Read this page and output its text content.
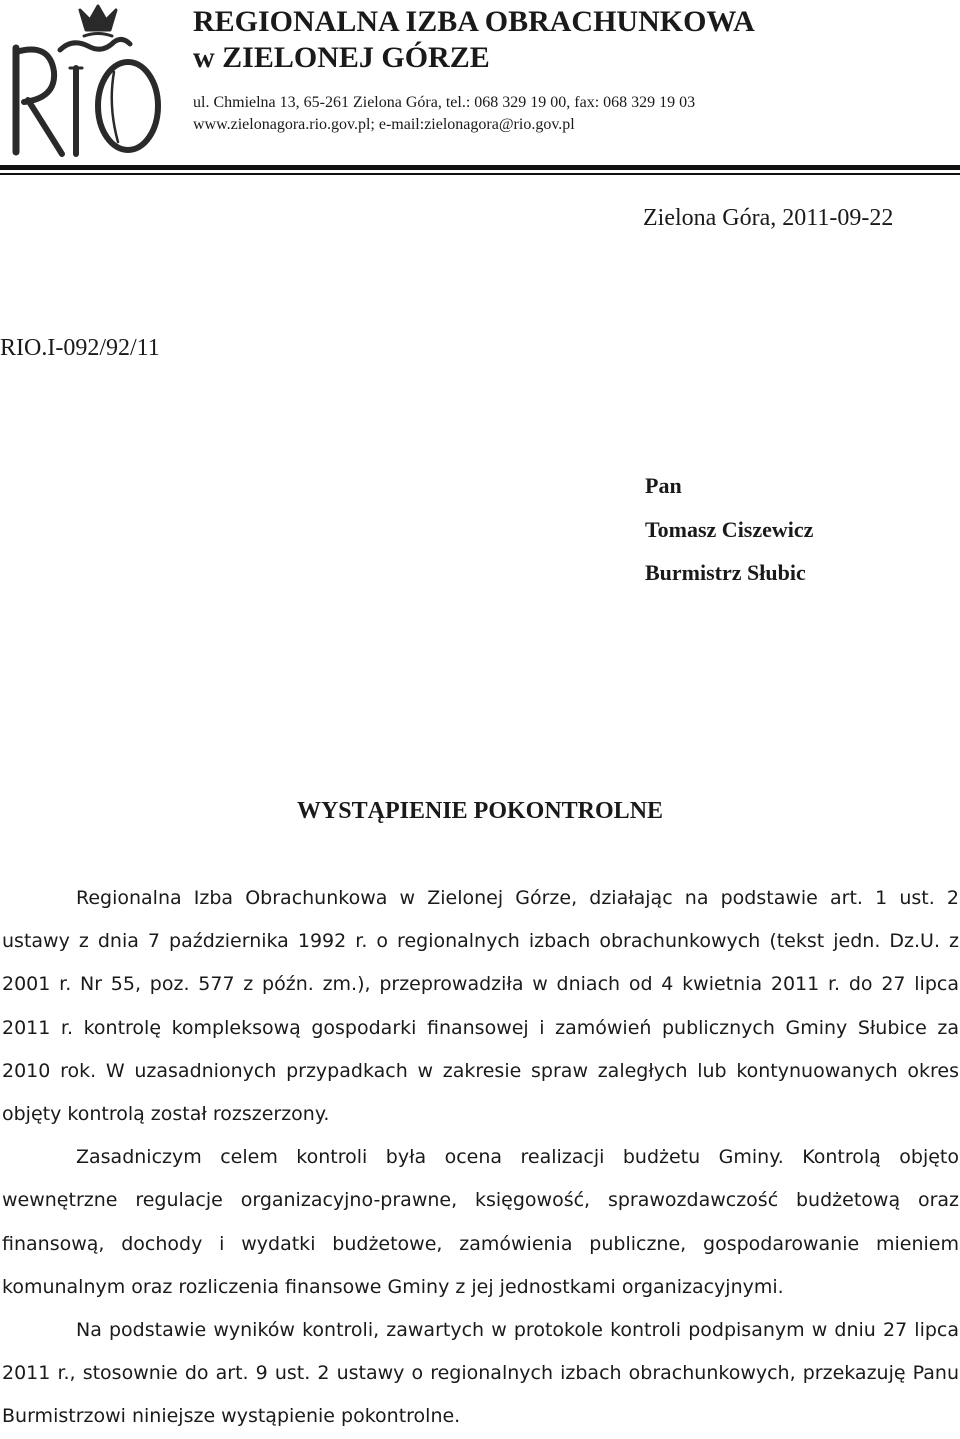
REGIONALNA IZBA OBRACHUNKOWA
w ZIELONEJ GÓRZE
ul. Chmielna 13, 65-261 Zielona Góra, tel.: 068 329 19 00, fax: 068 329 19 03
www.zielonagora.rio.gov.pl; e-mail:zielonagora@rio.gov.pl
Zielona Góra, 2011-09-22
RIO.I-092/92/11
Pan
Tomasz Ciszewicz
Burmistrz Słubic
WYSTĄPIENIE POKONTROLNE

Regionalna Izba Obrachunkowa w Zielonej Górze, działając na podstawie art. 1 ust. 2 ustawy z dnia 7 października 1992 r. o regionalnych izbach obrachunkowych (tekst jedn. Dz.U. z 2001 r. Nr 55, poz. 577 z późn. zm.), przeprowadziła w dniach od 4 kwietnia 2011 r. do 27 lipca 2011 r. kontrolę kompleksową gospodarki finansowej i zamówień publicznych Gminy Słubice za 2010 rok. W uzasadnionych przypadkach w zakresie spraw zaległych lub kontynuowanych okres objęty kontrolą został rozszerzony.

Zasadniczym celem kontroli była ocena realizacji budżetu Gminy. Kontrolą objęto wewnętrzne regulacje organizacyjno-prawne, księgowość, sprawozdawczość budżetową oraz finansową, dochody i wydatki budżetowe, zamówienia publiczne, gospodarowanie mieniem komunalnym oraz rozliczenia finansowe Gminy z jej jednostkami organizacyjnymi.

Na podstawie wyników kontroli, zawartych w protokole kontroli podpisanym w dniu 27 lipca 2011 r., stosownie do art. 9 ust. 2 ustawy o regionalnych izbach obrachunkowych, przekazuję Panu Burmistrzowi niniejsze wystąpienie pokontrolne.
